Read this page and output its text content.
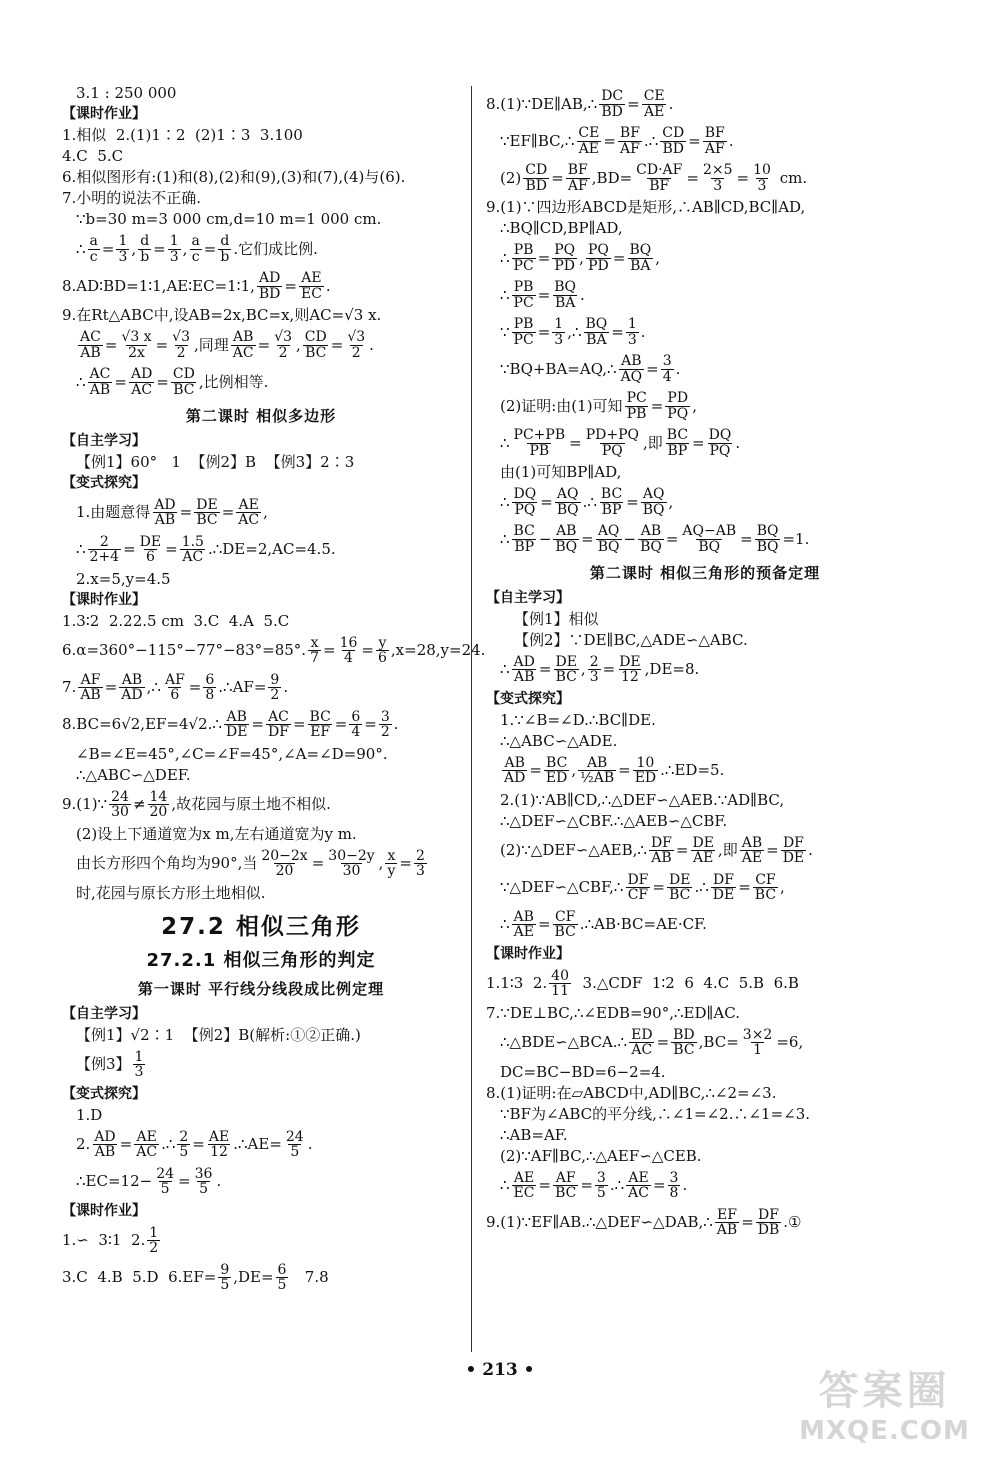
3.1 : 250 000
【课时作业】
1.相似  2.(1)1∶2  (2)1∶3  3.100
4.C  5.C
6.相似图形有:(1)和(8),(2)和(9),(3)和(7),(4)与(6).
7.小明的说法不正确.
∵b=30 m=3 000 cm,d=10 m=1 000 cm.
∴ $\frac{a}{c} = \frac{1}{3}$ , $\frac{d}{b} = \frac{1}{3}$ , $\frac{a}{c} = \frac{d}{b}$ .它们成比例.
8.AD∶BD=1∶1,AE∶EC=1∶1, $\frac{AD}{BD} = \frac{AE}{EC}$ .
9.在Rt△ABC中,设AB=2x,BC=x,则AC=√3 x.
$\frac{AC}{AB} = \frac{√3 x}{2x} = \frac{√3}{2}$ ,同理 $\frac{AB}{AC} = \frac{√3}{2}$ , $\frac{CD}{BC} = \frac{√3}{2}$ .
∴ $\frac{AC}{AB} = \frac{AD}{AC} = \frac{CD}{BC}$ ,比例相等.
第二课时 相似多边形
【自主学习】
【例1】60°   1  【例2】B  【例3】2∶3
【变式探究】
1.由题意得 $\frac{AD}{AB} = \frac{DE}{BC} = \frac{AE}{AC}$ ,
∴ $\frac{2}{2+4} = \frac{DE}{6} = \frac{1.5}{AC}$ .∴DE=2,AC=4.5.
2.x=5,y=4.5
【课时作业】
1.3∶2  2.22.5 cm  3.C  4.A  5.C
6.α=360°−115°−77°−83°=85°. $\frac{x}{7} = \frac{16}{4} = \frac{y}{6} ,x=28,y=24$.
7. $\frac{AF}{AB} = \frac{AB}{AD}$ ,∴ $\frac{AF}{6} = \frac{6}{8}$ .∴AF= $\frac{9}{2}$ .
8.BC=6√2,EF=4√2.∴ $\frac{AB}{DE} = \frac{AC}{DF} = \frac{BC}{EF} = \frac{6}{4} = \frac{3}{2}$ .
∠B=∠E=45°,∠C=∠F=45°,∠A=∠D=90°.
∴△ABC∽△DEF.
9.(1)∵ $\frac{24}{30} \ne \frac{14}{20}$ ,故花园与原土地不相似.
(2)设上下通道宽为x m,左右通道宽为y m.
由长方形四个角均为90°,当 $\frac{20-2x}{20} = \frac{30-2y}{30}$ , $\frac{x}{y} = \frac{2}{3}$
时,花园与原长方形土地相似.
27.2 相似三角形
27.2.1 相似三角形的判定
第一课时 平行线分线段成比例定理
【自主学习】
【例1】√2∶1  【例2】B(解析:①②正确.)
【例3】 $\frac{1}{3}$
【变式探究】
1.D
2. $\frac{AD}{AB} = \frac{AE}{AC}$ .∴ $\frac{2}{5} = \frac{AE}{12}$ .∴AE= $\frac{24}{5}$ .
∴EC=12− $\frac{24}{5} = \frac{36}{5}$ .
【课时作业】
1.∽  3∶1  2. $\frac{1}{2}$
3.C  4.B  5.D  $6.EF= \frac{9}{5} ,DE= \frac{6}{5} 7.8$
8.(1)∵DE∥AB,∴ $\frac{DC}{BD} = \frac{CE}{AE}$ .
∵EF∥BC,∴ $\frac{CE}{AE} = \frac{BF}{AF}$ .∴ $\frac{CD}{BD} = \frac{BF}{AF}$ .
$(2) \frac{CD}{BD} = \frac{BF}{AF} ,BD= \frac{CD\cdot AF}{BF} = \frac{2\times 5}{3} = \frac{10}{3}$ cm.
9.(1)∵四边形ABCD是矩形,∴AB∥CD,BC∥AD,
∴BQ∥CD,BP∥AD,
∴ $\frac{PB}{PC} = \frac{PQ}{PD}$ , $\frac{PQ}{PD} = \frac{BQ}{BA}$ ,
∴ $\frac{PB}{PC} = \frac{BQ}{BA}$ .
∵ $\frac{PB}{PC} = \frac{1}{3}$ ,∴ $\frac{BQ}{BA} = \frac{1}{3}$ .
∵BQ+BA=AQ,∴ $\frac{AB}{AQ} = \frac{3}{4}$ .
(2)证明:由(1)可知 $\frac{PC}{PB} = \frac{PD}{PQ}$ ,
∴ $\frac{PC+PB}{PB} = \frac{PD+PQ}{PQ}$ ,即 $\frac{BC}{BP} = \frac{DQ}{PQ}$ .
由(1)可知BP∥AD,
∴ $\frac{DQ}{PQ} = \frac{AQ}{BQ}$ .∴ $\frac{BC}{BP} = \frac{AQ}{BQ}$ ,
∴ $\frac{BC}{BP} - \frac{AB}{BQ} = \frac{AQ}{BQ} - \frac{AB}{BQ} = \frac{AQ-AB}{BQ} = \frac{BQ}{BQ} =1$.
第二课时 相似三角形的预备定理
【自主学习】
【例1】相似
【例2】∵DE∥BC,△ADE∽△ABC.
∴ $\frac{AD}{AB} = \frac{DE}{BC}$ , $\frac{2}{3} = \frac{DE}{12} ,DE=8$.
【变式探究】
1.∵∠B=∠D.∴BC∥DE.
∴△ABC∽△ADE.
$\frac{AB}{AD} = \frac{BC}{ED}$ , $\frac{AB}{\text{½AB}} = \frac{10}{ED}$ .∴ED=5.
2.(1)∵AB∥CD,∴△DEF∽△AEB.∵AD∥BC,
∴△DEF∽△CBF.∴△AEB∽△CBF.
(2)∵△DEF∽△AEB,∴ $\frac{DF}{AB} = \frac{DE}{AE}$ ,即 $\frac{AB}{AE} = \frac{DF}{DE}$ .
∵△DEF∽△CBF,∴ $\frac{DF}{CF} = \frac{DE}{BC}$ .∴ $\frac{DF}{DE} = \frac{CF}{BC}$ ,
∴ $\frac{AB}{AE} = \frac{CF}{BC}$ .∴AB·BC=AE·CF.
【课时作业】
1.1∶3  2. $\frac{40}{11}$ 3.△CDF  1∶2  6  4.C  5.B  6.B
7.∵DE⊥BC,∴∠EDB=90°,∴ED∥AC.
∴△BDE∽△BCA.∴ $\frac{ED}{AC} = \frac{BD}{BC} ,BC= \frac{3\times 2}{1} =6$,
DC=BC−BD=6−2=4.
8.(1)证明:在▱ABCD中,AD∥BC,∴∠2=∠3.
∵BF为∠ABC的平分线,∴∠1=∠2.∴∠1=∠3.
∴AB=AF.
(2)∵AF∥BC,∴△AEF∽△CEB.
∴ $\frac{AE}{EC} = \frac{AF}{BC} = \frac{3}{5}$ .∴ $\frac{AE}{AC} = \frac{3}{8}$ .
9.(1)∵EF∥AB.∴△DEF∽△DAB,∴ $\frac{EF}{AB} = \frac{DF}{DB}$ .①
• 213 •	答案圈
MXQE.COM
